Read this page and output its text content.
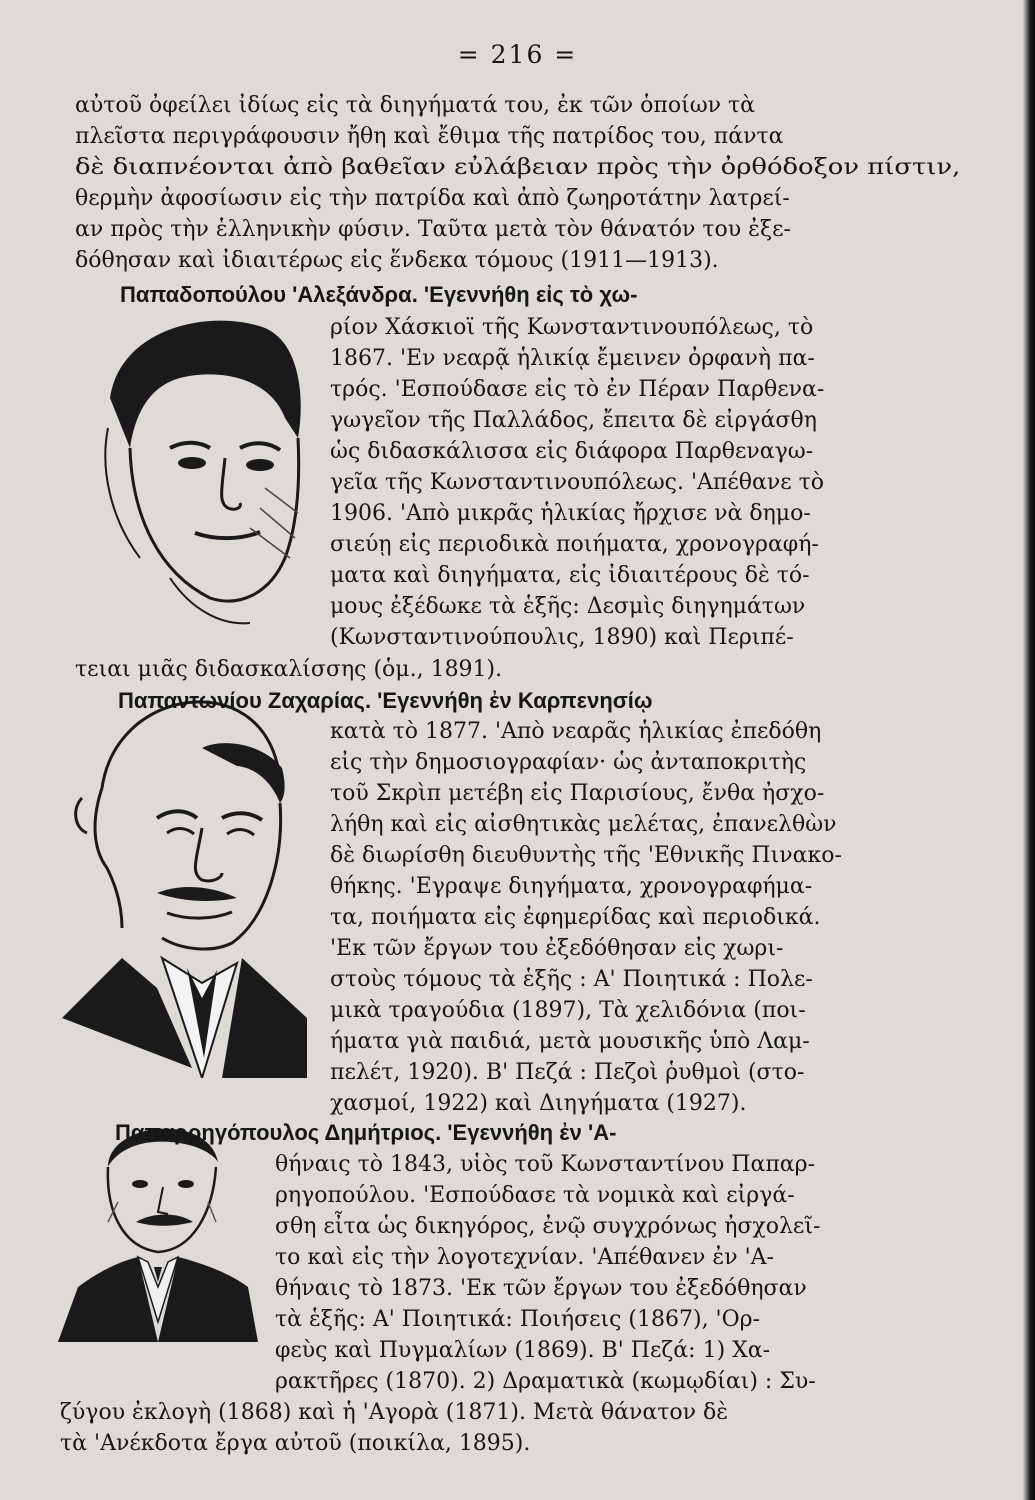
= 216 =
αὐτοῦ ὀφείλει ἰδίως εἰς τὰ διηγήματά του, ἐκ τῶν ὁποίων τὰ
πλεῖστα περιγράφουσιν ἤθη καὶ ἔθιμα τῆς πατρίδος του, πάντα
δὲ διαπνέονται ἀπὸ βαθεῖαν εὐλάβειαν πρὸς τὴν ὀρθόδοξον πίστιν,
θερμὴν ἀφοσίωσιν εἰς τὴν πατρίδα καὶ ἀπὸ ζωηροτάτην λατρεί-
αν πρὸς τὴν ἑλληνικὴν φύσιν. Ταῦτα μετὰ τὸν θάνατόν του ἐξε-
δόθησαν καὶ ἰδιαιτέρως εἰς ἕνδεκα τόμους (1911—1913).
Παπαδοπούλου 'Αλεξάνδρα. 'Εγεννήθη εἰς τὸ χω-
ρίον Χάσκιοϊ τῆς Κωνσταντινουπόλεως, τὸ
1867. 'Εν νεαρᾷ ἡλικίᾳ ἔμεινεν ὀρφανὴ πα-
τρός. 'Εσπούδασε εἰς τὸ ἐν Πέραν Παρθενα-
γωγεῖον τῆς Παλλάδος, ἔπειτα δὲ εἰργάσθη
ὡς διδασκάλισσα εἰς διάφορα Παρθεναγω-
γεῖα τῆς Κωνσταντινουπόλεως. 'Απέθανε τὸ
1906. 'Απὸ μικρᾶς ἡλικίας ἤρχισε νὰ δημο-
σιεύῃ εἰς περιοδικὰ ποιήματα, χρονογραφή-
ματα καὶ διηγήματα, εἰς ἰδιαιτέρους δὲ τό-
μους ἐξέδωκε τὰ ἑξῆς: Δεσμὶς διηγημάτων
(Κωνσταντινούπουλις, 1890) καὶ Περιπέ-
τειαι μιᾶς διδασκαλίσσης (ὁμ., 1891).
Παπαντωνίου Ζαχαρίας. 'Εγεννήθη ἐν Καρπενησίῳ
κατὰ τὸ 1877. 'Απὸ νεαρᾶς ἡλικίας ἐπεδόθη
εἰς τὴν δημοσιογραφίαν· ὡς ἀνταποκριτὴς
τοῦ Σκρὶπ μετέβη εἰς Παρισίους, ἔνθα ἠσχο-
λήθη καὶ εἰς αἰσθητικὰς μελέτας, ἐπανελθὼν
δὲ διωρίσθη διευθυντὴς τῆς 'Εθνικῆς Πινακο-
θήκης. 'Εγραψε διηγήματα, χρονογραφήμα-
τα, ποιήματα εἰς ἐφημερίδας καὶ περιοδικά.
'Εκ τῶν ἔργων του ἐξεδόθησαν εἰς χωρι-
στοὺς τόμους τὰ ἑξῆς : Α' Ποιητικά : Πολε-
μικὰ τραγούδια (1897), Τὰ χελιδόνια (ποι-
ήματα γιὰ παιδιά, μετὰ μουσικῆς ὑπὸ Λαμ-
πελέτ, 1920). Β' Πεζά : Πεζοὶ ῥυθμοὶ (στο-
χασμοί, 1922) καὶ Διηγήματα (1927).
Παπαρρηγόπουλος Δημήτριος. 'Εγεννήθη ἐν 'Α-
θήναις τὸ 1843, υἱὸς τοῦ Κωνσταντίνου Παπαρ-
ρηγοπούλου. 'Εσπούδασε τὰ νομικὰ καὶ εἰργά-
σθη εἶτα ὡς δικηγόρος, ἐνῷ συγχρόνως ἠσχολεῖ-
το καὶ εἰς τὴν λογοτεχνίαν. 'Απέθανεν ἐν 'Α-
θήναις τὸ 1873. 'Εκ τῶν ἔργων του ἐξεδόθησαν
τὰ ἑξῆς: Α' Ποιητικά: Ποιήσεις (1867), 'Ορ-
φεὺς καὶ Πυγμαλίων (1869). Β' Πεζά: 1) Χα-
ρακτῆρες (1870). 2) Δραματικὰ (κωμῳδίαι) : Συ-
ζύγου ἐκλογὴ (1868) καὶ ἡ 'Αγορὰ (1871). Μετὰ θάνατον δὲ
τὰ 'Ανέκδοτα ἔργα αὐτοῦ (ποικίλα, 1895).
